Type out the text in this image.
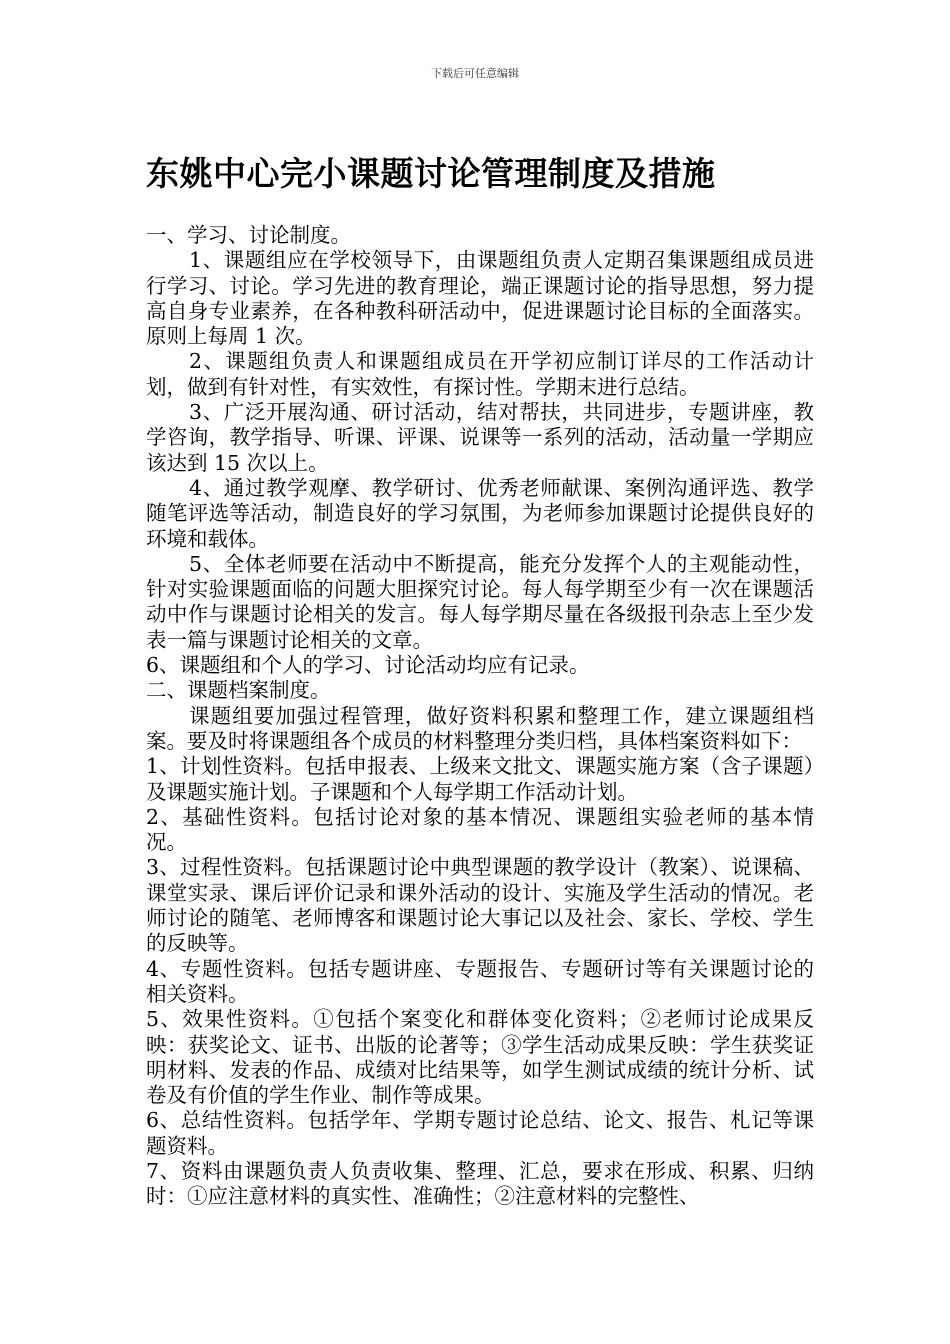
下载后可任意编辑
东姚中心完小课题讨论管理制度及措施

一、学习、讨论制度。

1、课题组应在学校领导下，由课题组负责人定期召集课题组成员进行学习、讨论。学习先进的教育理论，端正课题讨论的指导思想，努力提高自身专业素养，在各种教科研活动中，促进课题讨论目标的全面落实。原则上每周 1 次。

2、课题组负责人和课题组成员在开学初应制订详尽的工作活动计划，做到有针对性，有实效性，有探讨性。学期末进行总结。

3、广泛开展沟通、研讨活动，结对帮扶，共同进步，专题讲座，教学咨询，教学指导、听课、评课、说课等一系列的活动，活动量一学期应该达到 15 次以上。

4、通过教学观摩、教学研讨、优秀老师献课、案例沟通评选、教学随笔评选等活动，制造良好的学习氛围，为老师参加课题讨论提供良好的环境和载体。

5、全体老师要在活动中不断提高，能充分发挥个人的主观能动性，针对实验课题面临的问题大胆探究讨论。每人每学期至少有一次在课题活动中作与课题讨论相关的发言。每人每学期尽量在各级报刊杂志上至少发表一篇与课题讨论相关的文章。

6、课题组和个人的学习、讨论活动均应有记录。

二、课题档案制度。

课题组要加强过程管理，做好资料积累和整理工作，建立课题组档案。要及时将课题组各个成员的材料整理分类归档，具体档案资料如下：

1、计划性资料。包括申报表、上级来文批文、课题实施方案（含子课题）及课题实施计划。子课题和个人每学期工作活动计划。

2、基础性资料。包括讨论对象的基本情况、课题组实验老师的基本情况。

3、过程性资料。包括课题讨论中典型课题的教学设计（教案）、说课稿、课堂实录、课后评价记录和课外活动的设计、实施及学生活动的情况。老师讨论的随笔、老师博客和课题讨论大事记以及社会、家长、学校、学生的反映等。

4、专题性资料。包括专题讲座、专题报告、专题研讨等有关课题讨论的相关资料。

5、效果性资料。①包括个案变化和群体变化资料；②老师讨论成果反映：获奖论文、证书、出版的论著等；③学生活动成果反映：学生获奖证明材料、发表的作品、成绩对比结果等，如学生测试成绩的统计分析、试卷及有价值的学生作业、制作等成果。

6、总结性资料。包括学年、学期专题讨论总结、论文、报告、札记等课题资料。

7、资料由课题负责人负责收集、整理、汇总，要求在形成、积累、归纳时：①应注意材料的真实性、准确性；②注意材料的完整性、
